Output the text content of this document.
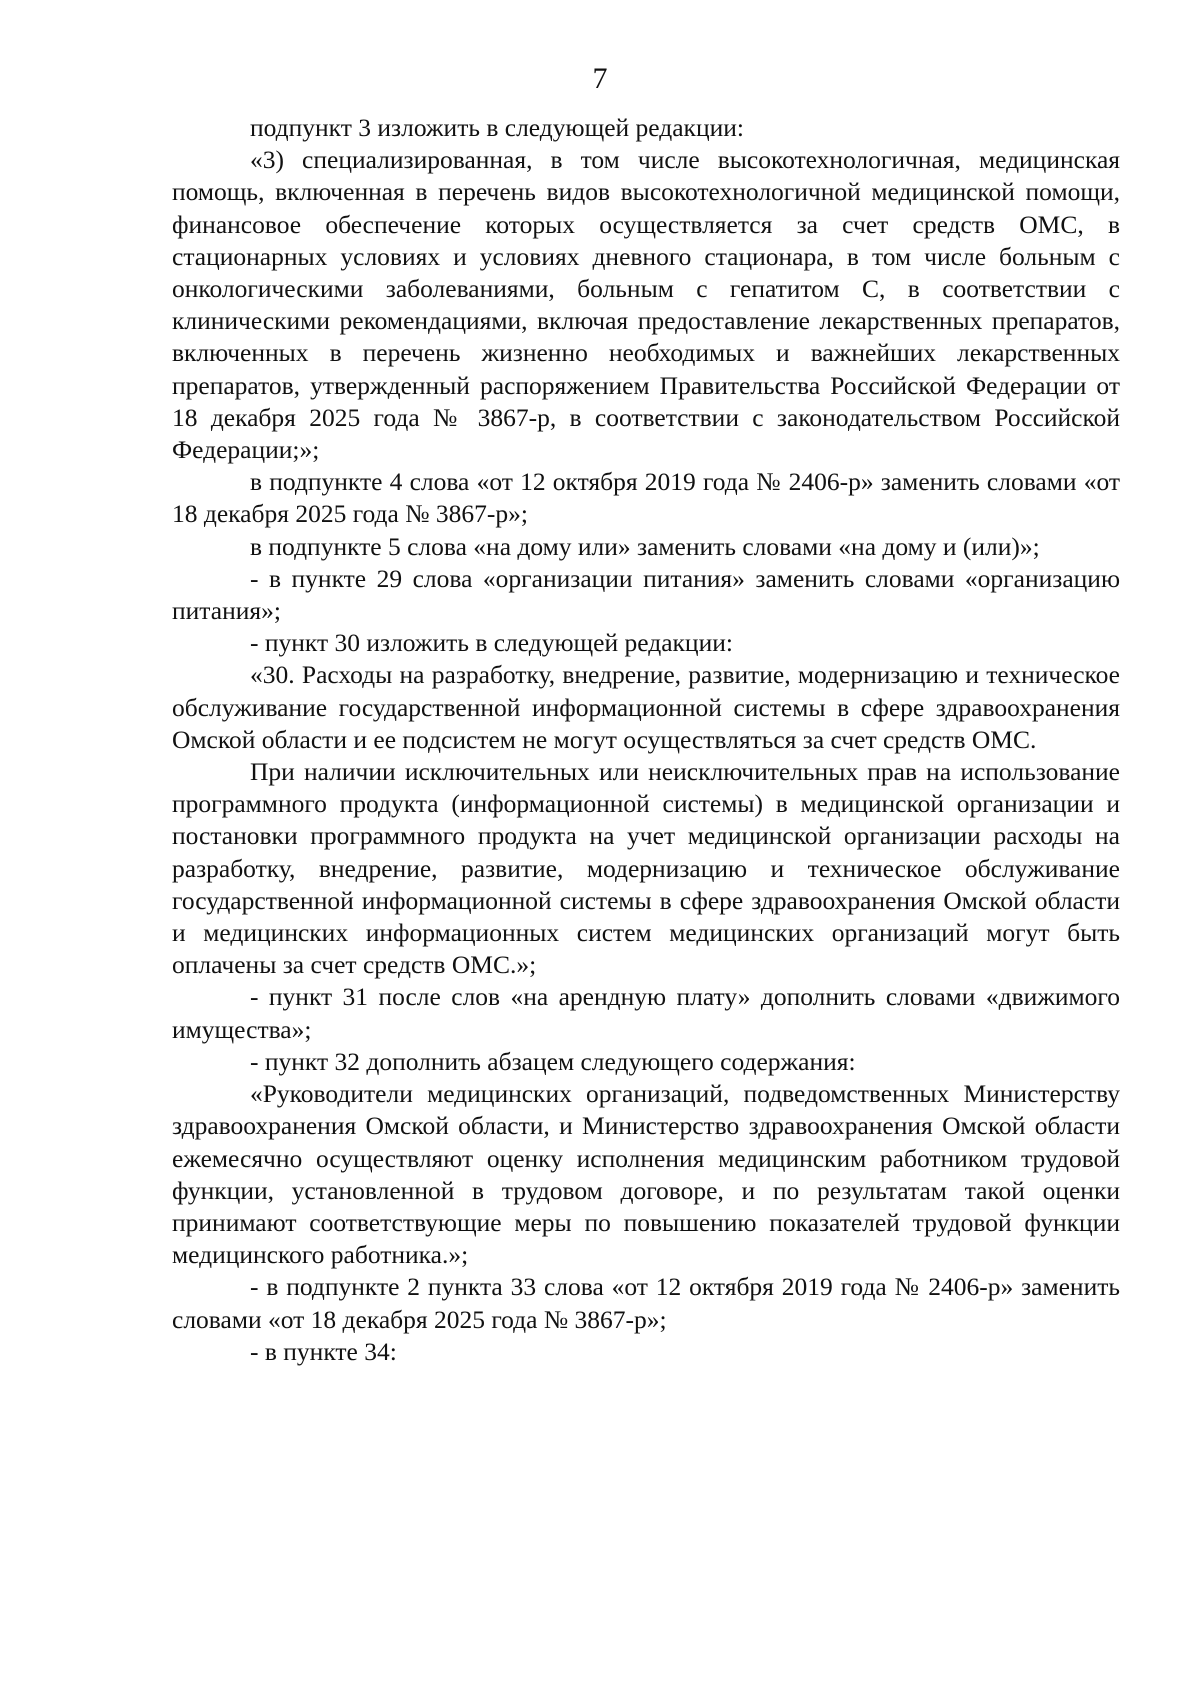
7

подпункт 3 изложить в следующей редакции:

«3) специализированная, в том числе высокотехнологичная, медицинская помощь, включенная в перечень видов высокотехнологичной медицинской помощи, финансовое обеспечение которых осуществляется за счет средств ОМС, в стационарных условиях и условиях дневного стационара, в том числе больным с онкологическими заболеваниями, больным с гепатитом С, в соответствии с клиническими рекомендациями, включая предоставление лекарственных препаратов, включенных в перечень жизненно необходимых и важнейших лекарственных препаратов, утвержденный распоряжением Правительства Российской Федерации от 18 декабря 2025 года № 3867-р, в соответствии с законодательством Российской Федерации;»;

в подпункте 4 слова «от 12 октября 2019 года № 2406-р» заменить словами «от 18 декабря 2025 года № 3867-р»;

в подпункте 5 слова «на дому или» заменить словами «на дому и (или)»;

- в пункте 29 слова «организации питания» заменить словами «организацию питания»;

- пункт 30 изложить в следующей редакции:

«30. Расходы на разработку, внедрение, развитие, модернизацию и техническое обслуживание государственной информационной системы в сфере здравоохранения Омской области и ее подсистем не могут осуществляться за счет средств ОМС.

При наличии исключительных или неисключительных прав на использование программного продукта (информационной системы) в медицинской организации и постановки программного продукта на учет медицинской организации расходы на разработку, внедрение, развитие, модернизацию и техническое обслуживание государственной информационной системы в сфере здравоохранения Омской области и медицинских информационных систем медицинских организаций могут быть оплачены за счет средств ОМС.»;

- пункт 31 после слов «на арендную плату» дополнить словами «движимого имущества»;

- пункт 32 дополнить абзацем следующего содержания:

«Руководители медицинских организаций, подведомственных Министерству здравоохранения Омской области, и Министерство здравоохранения Омской области ежемесячно осуществляют оценку исполнения медицинским работником трудовой функции, установленной в трудовом договоре, и по результатам такой оценки принимают соответствующие меры по повышению показателей трудовой функции медицинского работника.»;

- в подпункте 2 пункта 33 слова «от 12 октября 2019 года № 2406-р» заменить словами «от 18 декабря 2025 года № 3867-р»;

- в пункте 34:
